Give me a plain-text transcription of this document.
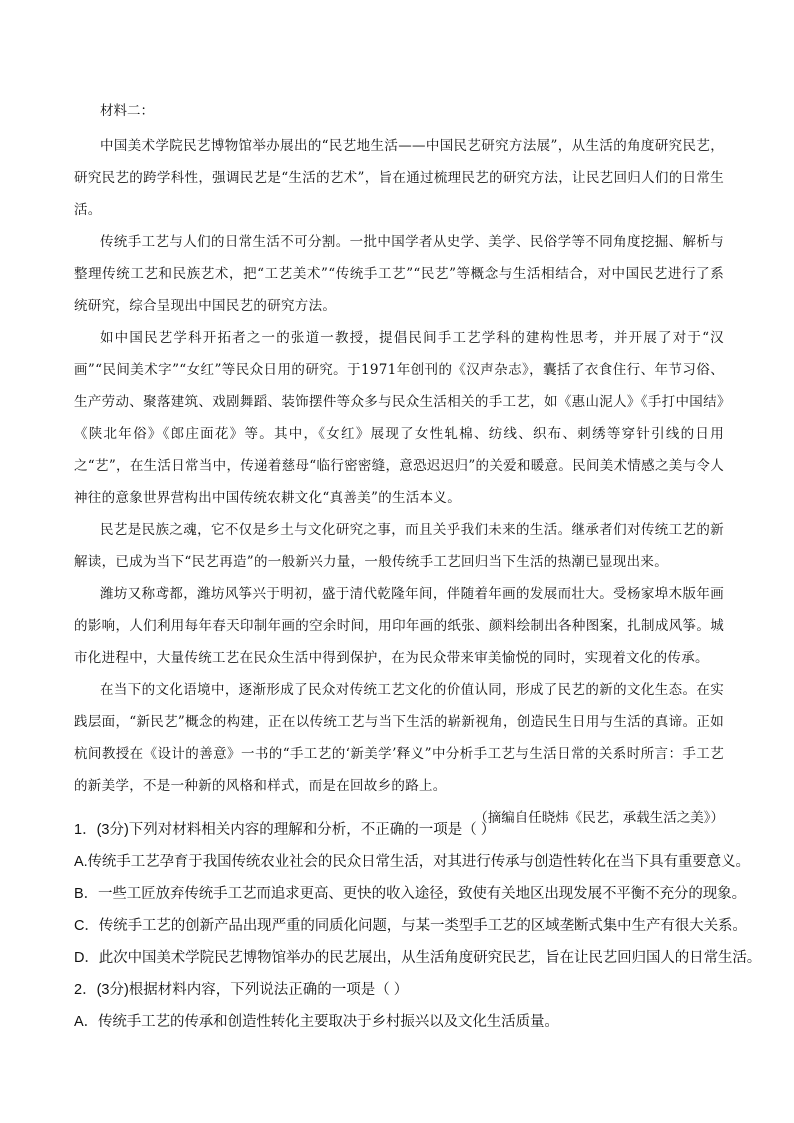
材料二：

中国美术学院民艺博物馆举办展出的“民艺地生活——中国民艺研究方法展”，从生活的角度研究民艺，研究民艺的跨学科性，强调民艺是“生活的艺术”，旨在通过梳理民艺的研究方法，让民艺回归人们的日常生活。

传统手工艺与人们的日常生活不可分割。一批中国学者从史学、美学、民俗学等不同角度挖掘、解析与整理传统工艺和民族艺术，把“工艺美术”“传统手工艺”“民艺”等概念与生活相结合，对中国民艺进行了系统研究，综合呈现出中国民艺的研究方法。

如中国民艺学科开拓者之一的张道一教授，提倡民间手工艺学科的建构性思考，并开展了对于“汉画”“民间美术字”“女红”等民众日用的研究。于1971年创刊的《汉声杂志》，囊括了衣食住行、年节习俗、生产劳动、聚落建筑、戏剧舞蹈、装饰摆件等众多与民众生活相关的手工艺，如《惠山泥人》《手打中国结》《陕北年俗》《郎庄面花》等。其中，《女红》展现了女性轧棉、纺线、织布、刺绣等穿针引线的日用之“艺”，在生活日常当中，传递着慈母“临行密密缝，意恐迟迟归”的关爱和暖意。民间美术情感之美与令人神往的意象世界营构出中国传统农耕文化“真善美”的生活本义。

民艺是民族之魂，它不仅是乡土与文化研究之事，而且关乎我们未来的生活。继承者们对传统工艺的新解读，已成为当下“民艺再造”的一般新兴力量，一般传统手工艺回归当下生活的热潮已显现出来。

潍坊又称鸢都，潍坊风筝兴于明初，盛于清代乾隆年间，伴随着年画的发展而壮大。受杨家埠木版年画的影响，人们利用每年春天印制年画的空余时间，用印年画的纸张、颜料绘制出各种图案，扎制成风筝。城市化进程中，大量传统工艺在民众生活中得到保护，在为民众带来审美愉悦的同时，实现着文化的传承。

在当下的文化语境中，逐渐形成了民众对传统工艺文化的价值认同，形成了民艺的新的文化生态。在实践层面，“新民艺”概念的构建，正在以传统工艺与当下生活的崭新视角，创造民生日用与生活的真谛。正如杭间教授在《设计的善意》一书的“手工艺的‘新美学’释义”中分析手工艺与生活日常的关系时所言：手工艺的新美学，不是一种新的风格和样式，而是在回故乡的路上。

（摘编自任晓炜《民艺，承载生活之美》）

1．(3分)下列对材料相关内容的理解和分析，不正确的一项是（ ）

A.传统手工艺孕育于我国传统农业社会的民众日常生活，对其进行传承与创造性转化在当下具有重要意义。

B．一些工匠放弃传统手工艺而追求更高、更快的收入途径，致使有关地区出现发展不平衡不充分的现象。

C．传统手工艺的创新产品出现严重的同质化问题，与某一类型手工艺的区域垄断式集中生产有很大关系。

D．此次中国美术学院民艺博物馆举办的民艺展出，从生活角度研究民艺，旨在让民艺回归国人的日常生活。

2．(3分)根据材料内容，下列说法正确的一项是（ ）

A．传统手工艺的传承和创造性转化主要取决于乡村振兴以及文化生活质量。
